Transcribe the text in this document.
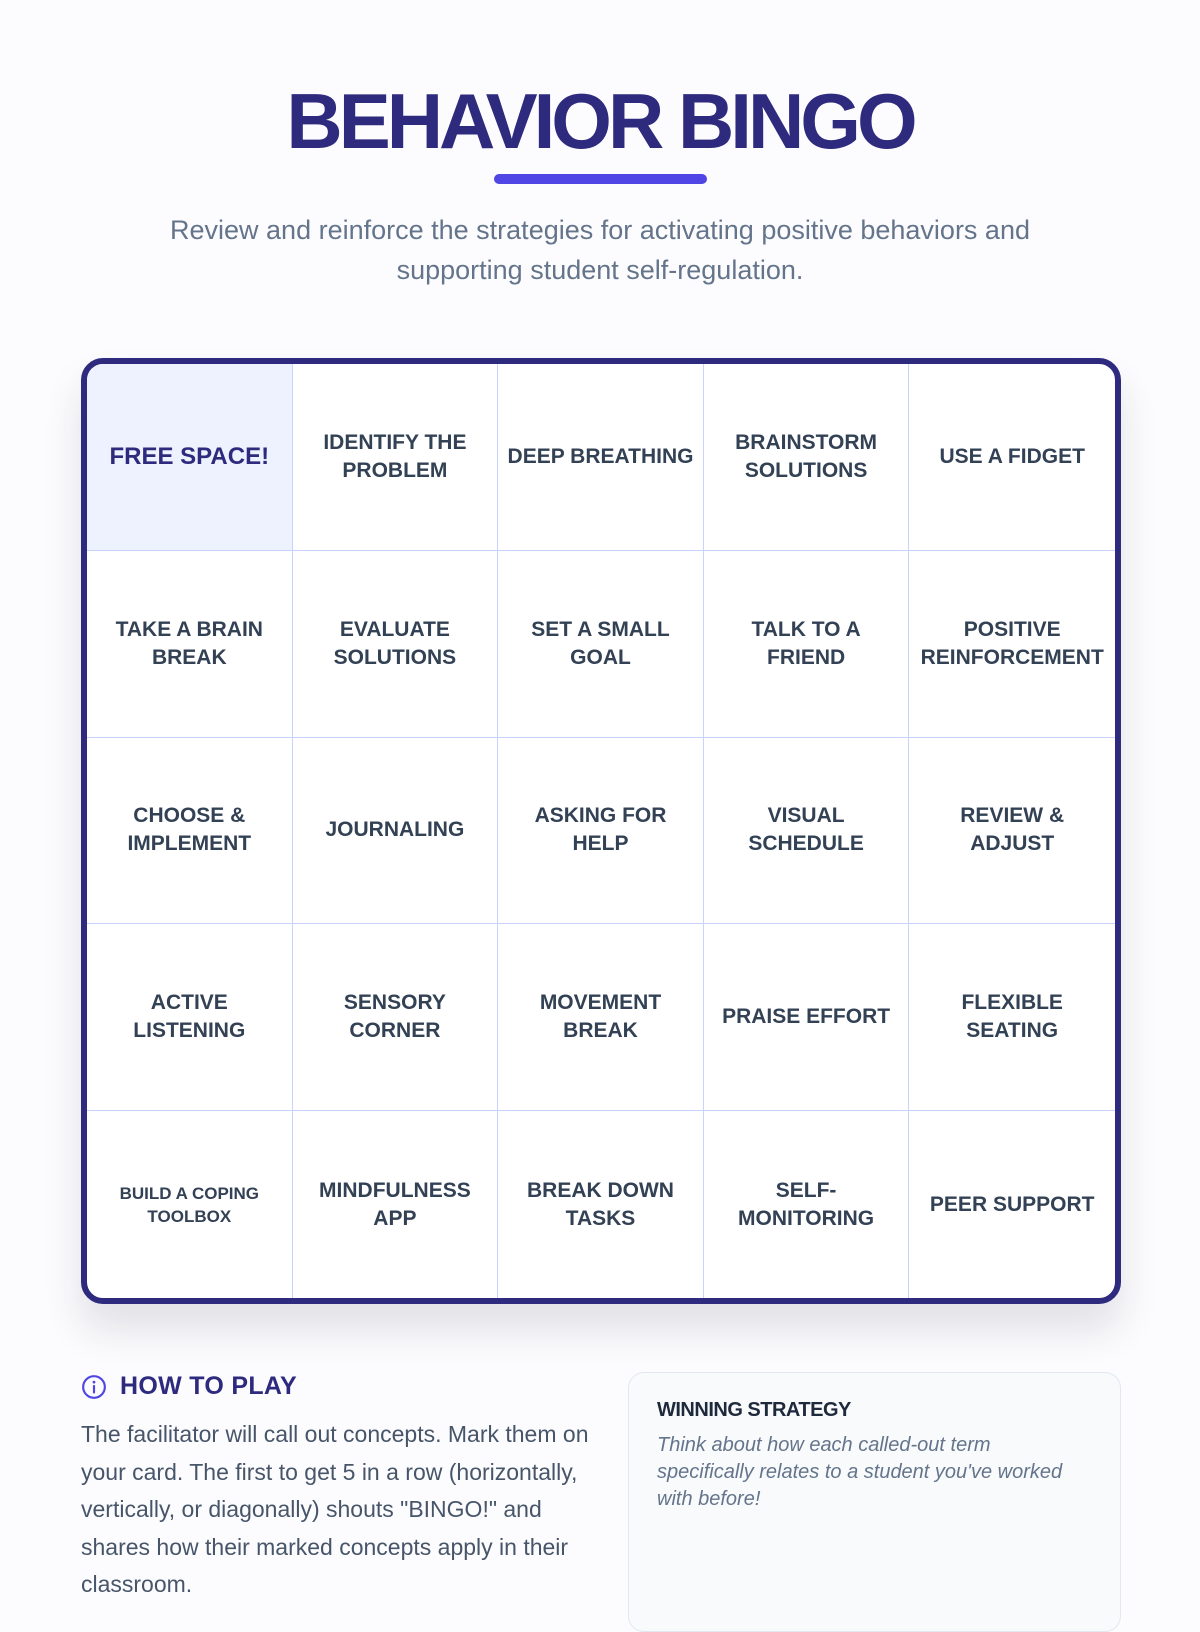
BEHAVIOR BINGO

Review and reinforce the strategies for activating positive behaviors and supporting student self-regulation.

FREE SPACE!
IDENTIFY THE PROBLEM
DEEP BREATHING
BRAINSTORM SOLUTIONS
USE A FIDGET
TAKE A BRAIN BREAK
EVALUATE SOLUTIONS
SET A SMALL GOAL
TALK TO A FRIEND
POSITIVE REINFORCEMENT
CHOOSE & IMPLEMENT
JOURNALING
ASKING FOR HELP
VISUAL SCHEDULE
REVIEW & ADJUST
ACTIVE LISTENING
SENSORY CORNER
MOVEMENT BREAK
PRAISE EFFORT
FLEXIBLE SEATING
BUILD A COPING TOOLBOX
MINDFULNESS APP
BREAK DOWN TASKS
SELF-MONITORING
PEER SUPPORT
HOW TO PLAY

The facilitator will call out concepts. Mark them on your card. The first to get 5 in a row (horizontally, vertically, or diagonally) shouts "BINGO!" and shares how their marked concepts apply in their classroom.

WINNING STRATEGY
Think about how each called-out term specifically relates to a student you've worked with before!
